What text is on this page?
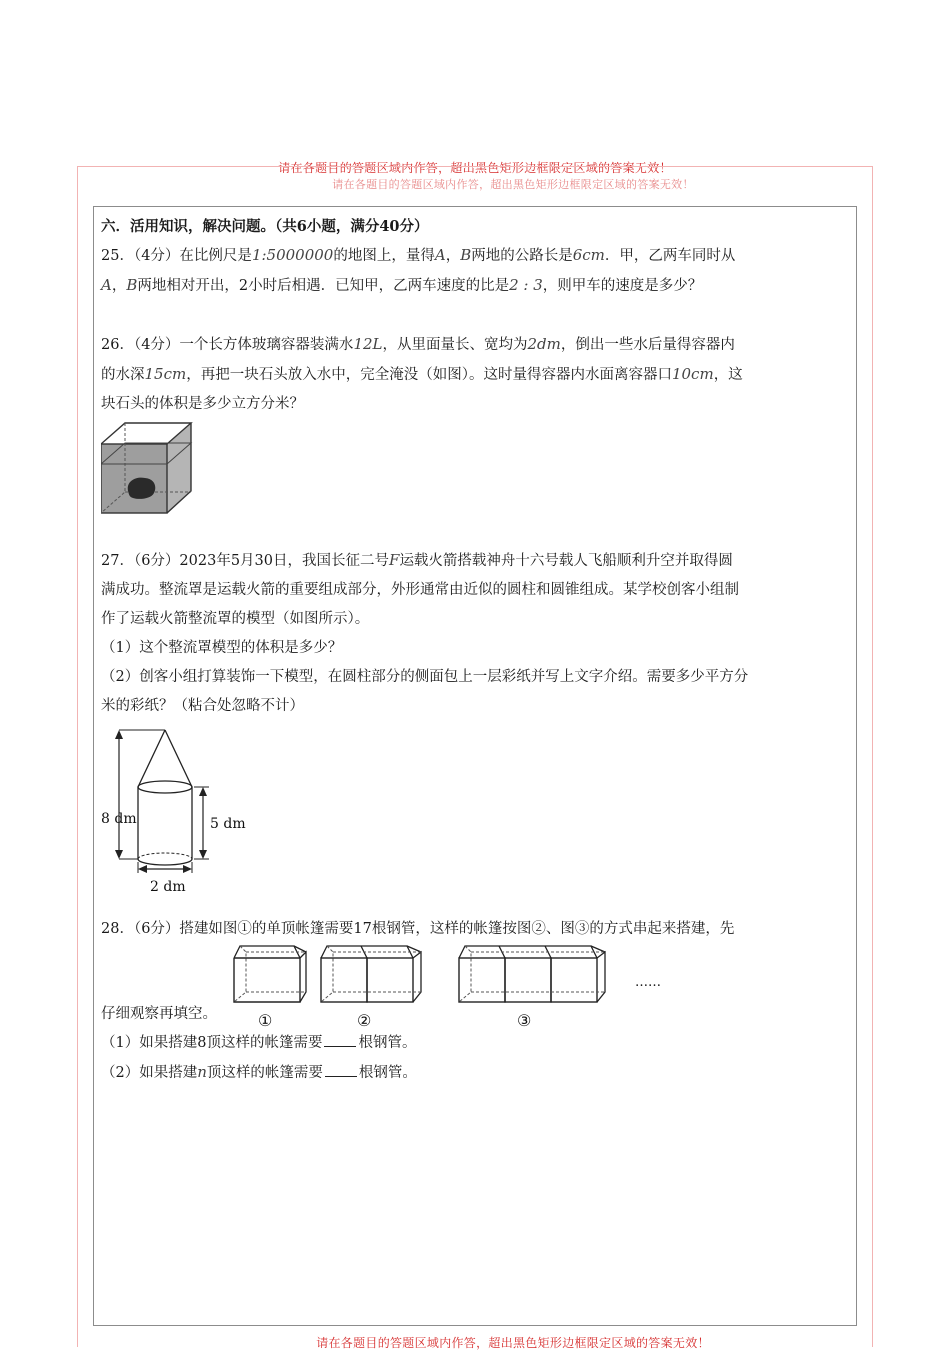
请在各题目的答题区域内作答，超出黑色矩形边框限定区域的答案无效！
请在各题目的答题区域内作答，超出黑色矩形边框限定区域的答案无效！
六．活用知识，解决问题。（共6小题，满分40分）
25．（4分）在比例尺是1:5000000的地图上，量得A，B两地的公路长是6cm．甲，乙两车同时从
A，B两地相对开出，2小时后相遇．已知甲，乙两车速度的比是2 : 3，则甲车的速度是多少？
26．（4分）一个长方体玻璃容器装满水12L，从里面量长、宽均为2dm，倒出一些水后量得容器内
的水深15cm，再把一块石头放入水中，完全淹没（如图）。这时量得容器内水面离容器口10cm，这
块石头的体积是多少立方分米？
27．（6分）2023年5月30日，我国长征二号F运载火箭搭载神舟十六号载人飞船顺利升空并取得圆
满成功。整流罩是运载火箭的重要组成部分，外形通常由近似的圆柱和圆锥组成。某学校创客小组制
作了运载火箭整流罩的模型（如图所示）。
（1）这个整流罩模型的体积是多少？
（2）创客小组打算装饰一下模型，在圆柱部分的侧面包上一层彩纸并写上文字介绍。需要多少平方分
米的彩纸？（粘合处忽略不计）
8 dm	5 dm
2 dm
28．（6分）搭建如图①的单顶帐篷需要17根钢管，这样的帐篷按图②、图③的方式串起来搭建，先
①	②	③
……
仔细观察再填空。
（1）如果搭建8顶这样的帐篷需要 根钢管。
（2）如果搭建n顶这样的帐篷需要 根钢管。
请在各题目的答题区域内作答，超出黑色矩形边框限定区域的答案无效！
